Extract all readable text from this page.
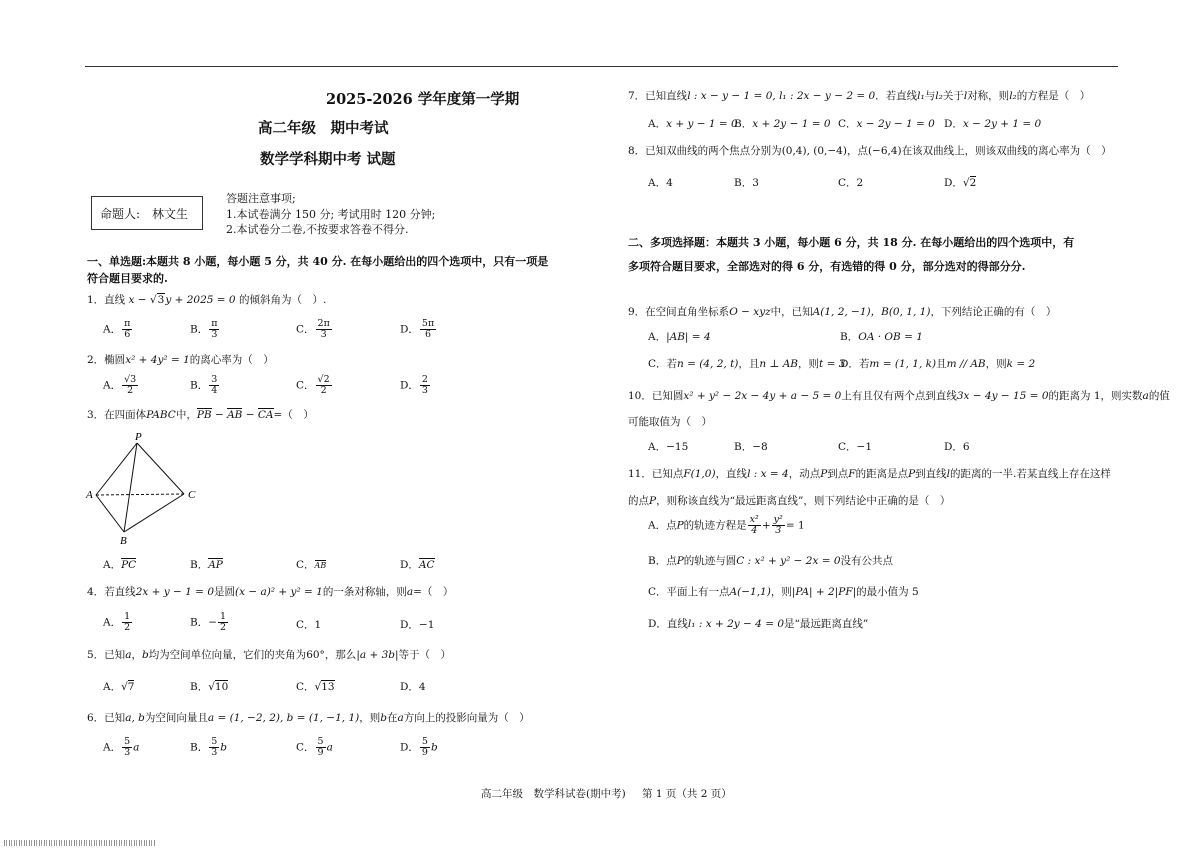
2025-2026 学年度第一学期
高二年级　期中考试
数学学科期中考 试题
命题人: 林文生
答题注意事项;
1.本试卷满分 150 分; 考试用时 120 分钟;
2.本试卷分二卷,不按要求答卷不得分.
一、单选题:本题共 8 小题，每小题 5 分，共 40 分. 在每小题给出的四个选项中，只有一项是
符合题目要求的.
1．直线 x − √3y + 2025 = 0 的倾斜角为（　）.
A． $\frac{\pi}{6}$	B． $\frac{\pi}{3}$	C． $\frac{2\pi}{3}$	D． $\frac{5\pi}{6}$
2．椭圆x² + 4y² = 1的离心率为（　）
A． $\frac{√3}{2}$	B． $\frac{3}{4}$	C． $\frac{√2}{2}$	D． $\frac{2}{3}$
3．在四面体PABC中，PB − AB − CA=（　）
P
A
B
C
A．PC	B．AP	C．AB	D．AC
4．若直线2x + y − 1 = 0是圆(x − a)² + y² = 1的一条对称轴，则a=（　）
A． $\frac{1}{2}$	B．− $\frac{1}{2}$	C．1	D．−1
5．已知a，b均为空间单位向量，它们的夹角为60°，那么|a + 3b|等于（　）
A．√7	B．√10	C．√13	D．4
6．已知a, b为空间向量且a = (1, −2, 2), b = (1, −1, 1)，则b在a方向上的投影向量为（　）
A． $\frac{5}{3}$ a	B． $\frac{5}{3}$ b	C． $\frac{5}{9}$ a	D． $\frac{5}{9}$ b
7．已知直线l : x − y − 1 = 0, l₁ : 2x − y − 2 = 0．若直线l₁与l₂关于l对称，则l₂的方程是（　）
A．x + y − 1 = 0
B．x + 2y − 1 = 0 C．x − 2y − 1 = 0 D．x − 2y + 1 = 0
8．已知双曲线的两个焦点分别为(0,4), (0,−4)，点(−6,4)在该双曲线上，则该双曲线的离心率为（　）
A．4	B．3	C．2	D．√2
二、多项选择题：本题共 3 小题，每小题 6 分，共 18 分. 在每小题给出的四个选项中，有
多项符合题目要求，全部选对的得 6 分，有选错的得 0 分，部分选对的得部分分.
9．在空间直角坐标系O − xyz中，已知A(1, 2, −1)，B(0, 1, 1)，下列结论正确的有（　）
A．|AB| = 4	B．OA · OB = 1
C．若n = (4, 2, t)，且n ⊥ AB，则t = 3
D．若m = (1, 1, k)且m // AB，则k = 2
10．已知圆x² + y² − 2x − 4y + a − 5 = 0上有且仅有两个点到直线3x − 4y − 15 = 0的距离为 1，则实数a的值
可能取值为（　）
A．−15	B．−8	C．−1	D．6
11．已知点F(1,0)，直线l : x = 4，动点P到点F的距离是点P到直线l的距离的一半.若某直线上存在这样
的点P，则称该直线为“最远距离直线”，则下列结论中正确的是（　）
A．点P的轨迹方程是 $\frac{\text{x²}}{4} + \frac{\text{y²}}{3} = 1$
B．点P的轨迹与圆C : x² + y² − 2x = 0没有公共点
C．平面上有一点A(−1,1)，则|PA| + 2|PF|的最小值为 5
D．直线l₁ : x + 2y − 4 = 0是“最远距离直线”
高二年级　数学科试卷(期中考) 第 1 页（共 2 页）
